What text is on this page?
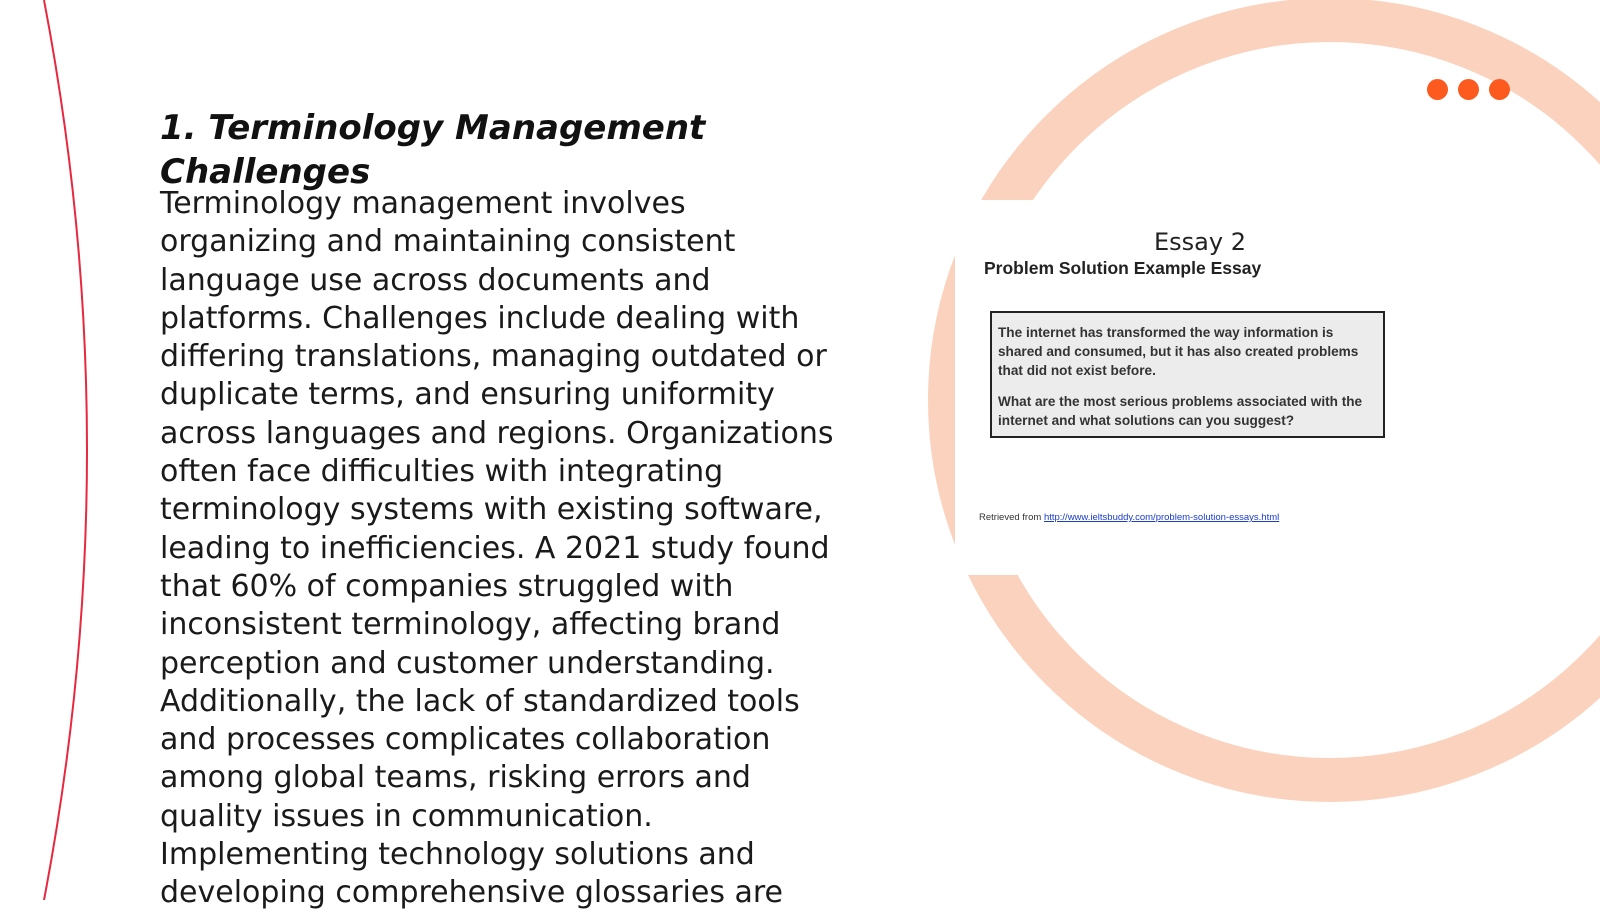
1. Terminology Management Challenges

Terminology management involves organizing and maintaining consistent language use across documents and platforms. Challenges include dealing with differing translations, managing outdated or duplicate terms, and ensuring uniformity across languages and regions. Organizations often face difficulties with integrating terminology systems with existing software, leading to inefficiencies. A 2021 study found that 60% of companies struggled with inconsistent terminology, affecting brand perception and customer understanding. Additionally, the lack of standardized tools and processes complicates collaboration among global teams, risking errors and quality issues in communication. Implementing technology solutions and developing comprehensive glossaries are

Essay 2
Problem Solution Example Essay

The internet has transformed the way information is shared and consumed, but it has also created problems that did not exist before.

What are the most serious problems associated with the internet and what solutions can you suggest?

Retrieved from http://www.ieltsbuddy.com/problem-solution-essays.html
